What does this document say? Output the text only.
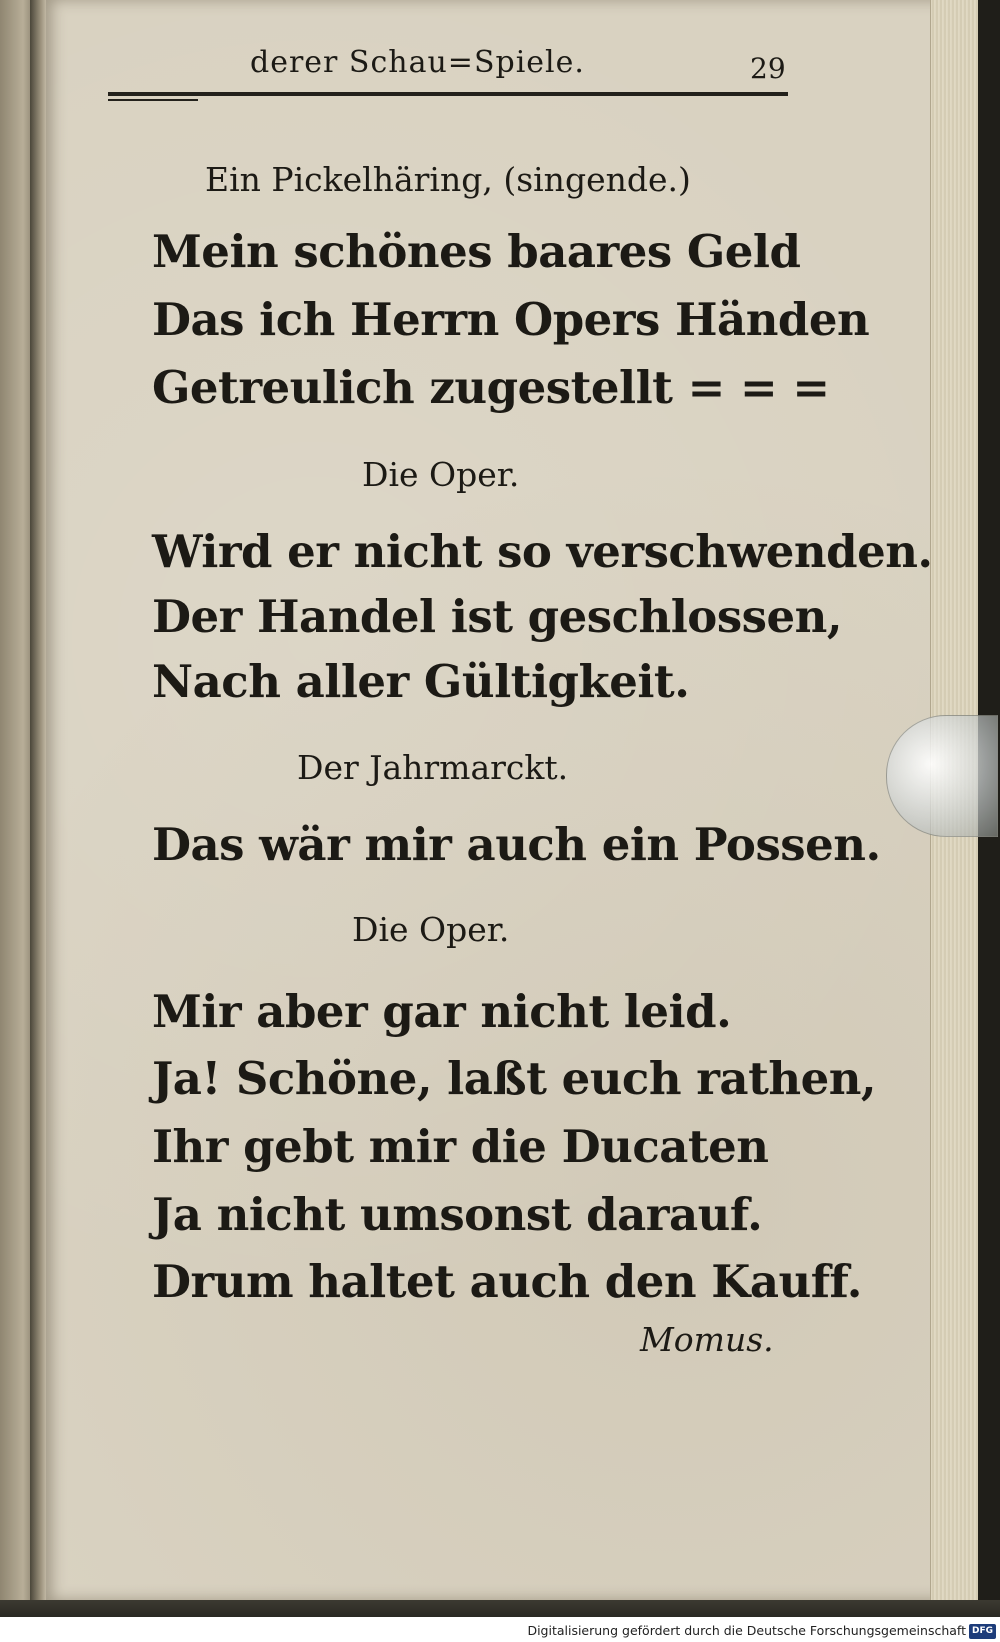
derer Schau=Spiele.	29
Ein Pickelhäring, (singende.)
Mein schönes baares Geld
Das ich Herrn Opers Händen
Getreulich zugestellt = = =
Die Oper.
Wird er nicht so verschwenden.
Der Handel ist geschlossen,
Nach aller Gültigkeit.
Der Jahrmarckt.
Das wär mir auch ein Possen.
Die Oper.
Mir aber gar nicht leid.
Ja! Schöne, laßt euch rathen,
Ihr gebt mir die Ducaten
Ja nicht umsonst darauf.
Drum haltet auch den Kauff.
Momus.
Digitalisierung gefördert durch die Deutsche Forschungsgemeinschaft DFG
